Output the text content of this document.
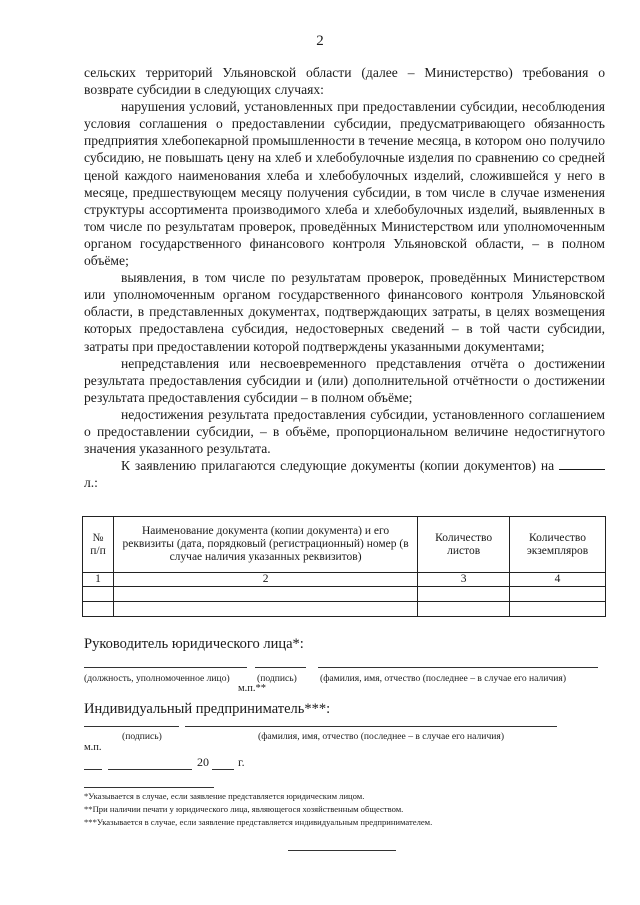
2

сельских территорий Ульяновской области (далее – Министерство) требования о возврате субсидии в следующих случаях:

нарушения условий, установленных при предоставлении субсидии, несоблюдения условия соглашения о предоставлении субсидии, предусматривающего обязанность предприятия хлебопекарной промышленности в течение месяца, в котором оно получило субсидию, не повышать цену на хлеб и хлебобулочные изделия по сравнению со средней ценой каждого наименования хлеба и хлебобулочных изделий, сложившейся у него в месяце, предшествующем месяцу получения субсидии, в том числе в случае изменения структуры ассортимента производимого хлеба и хлебобулочных изделий, выявленных в том числе по результатам проверок, проведённых Министерством или уполномоченным органом государственного финансового контроля Ульяновской области, – в полном объёме;

выявления, в том числе по результатам проверок, проведённых Министерством или уполномоченным органом государственного финансового контроля Ульяновской области, в представленных документах, подтверждающих затраты, в целях возмещения которых предоставлена субсидия, недостоверных сведений – в той части субсидии, затраты при предоставлении которой подтверждены указанными документами;

непредставления или несвоевременного представления отчёта о достижении результата предоставления субсидии и (или) дополнительной отчётности о достижении результата предоставления субсидии – в полном объёме;

недостижения результата предоставления субсидии, установленного соглашением о предоставлении субсидии, – в объёме, пропорциональном величине недостигнутого значения указанного результата.

К заявлению прилагаются следующие документы (копии документов) на  л.:

№ п/п	Наименование документа (копии документа) и его реквизиты (дата, порядковый (регистрационный) номер (в случае наличия указанных реквизитов)	Количество листов	Количество экземпляров
1	2	3	4

Руководитель юридического лица*:
(должность, уполномоченное лицо)	(подпись) (фамилия, имя, отчество (последнее – в случае его наличия)
м.п.**
Индивидуальный предприниматель***:
(подпись)	(фамилия, имя, отчество (последнее – в случае его наличия)
м.п.
20 г.
*Указывается в случае, если заявление представляется юридическим лицом.
**При наличии печати у юридического лица, являющегося хозяйственным обществом.
***Указывается в случае, если заявление представляется индивидуальным предпринимателем.
